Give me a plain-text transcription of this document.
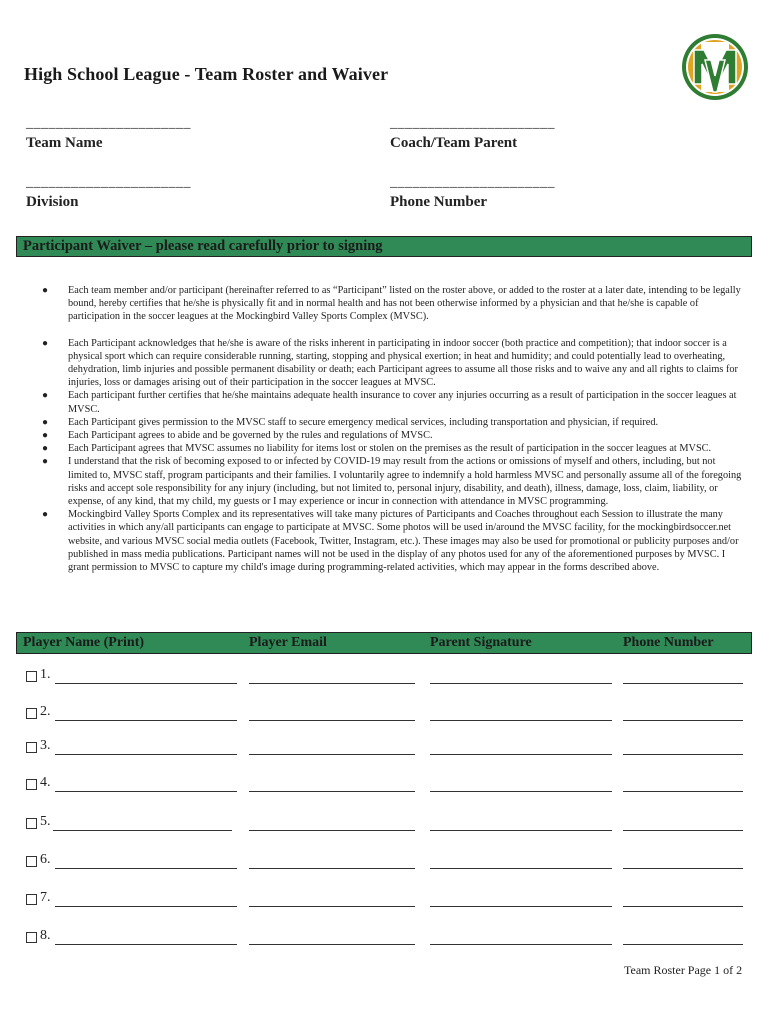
High School League - Team Roster and Waiver
______________________
Team Name
______________________
Coach/Team Parent
______________________
Division
______________________
Phone Number
Participant Waiver – please read carefully prior to signing
● Each team member and/or participant (hereinafter referred to as “Participant” listed on the roster above, or added to the roster at a later date, intending to be legally bound, hereby certifies that he/she is physically fit and in normal health and has not been otherwise informed by a physician and that he/she is capable of participation in the soccer leagues at the Mockingbird Valley Sports Complex (MVSC).
● Each Participant acknowledges that he/she is aware of the risks inherent in participating in indoor soccer (both practice and competition); that indoor soccer is a physical sport which can require considerable running, starting, stopping and physical exertion; in heat and humidity; and could potentially lead to overheating, dehydration, limb injuries and possible permanent disability or death; each Participant agrees to assume all those risks and to waive any and all rights to claims for injuries, loss or damages arising out of their participation in the soccer leagues at MVSC.
● Each participant further certifies that he/she maintains adequate health insurance to cover any injuries occurring as a result of participation in the soccer leagues at MVSC.
● Each Participant gives permission to the MVSC staff to secure emergency medical services, including transportation and physician, if required.
● Each Participant agrees to abide and be governed by the rules and regulations of MVSC.
● Each Participant agrees that MVSC assumes no liability for items lost or stolen on the premises as the result of participation in the soccer leagues at MVSC.
● I understand that the risk of becoming exposed to or infected by COVID-19 may result from the actions or omissions of myself and others, including, but not limited to, MVSC staff, program participants and their families. I voluntarily agree to indemnify a hold harmless MVSC and personally assume all of the foregoing risks and accept sole responsibility for any injury (including, but not limited to, personal injury, disability, and death), illness, damage, loss, claim, liability, or expense, of any kind, that my child, my guests or I may experience or incur in connection with attendance in MVSC programming.
● Mockingbird Valley Sports Complex and its representatives will take many pictures of Participants and Coaches throughout each Session to illustrate the many activities in which any/all participants can engage to participate at MVSC. Some photos will be used in/around the MVSC facility, for the mockingbirdsoccer.net website, and various MVSC social media outlets (Facebook, Twitter, Instagram, etc.). These images may also be used for promotional or publicity purposes and/or published in mass media publications. Participant names will not be used in the display of any photos used for any of the aforementioned purposes by MVSC. I grant permission to MVSC to capture my child's image during programming-related activities, which may appear in the forms described above.
Player Name (Print)	Player Email	Parent Signature	Phone Number
1.
2.
3.
4.
5.
6.
7.
8.
Team Roster Page 1 of 2
